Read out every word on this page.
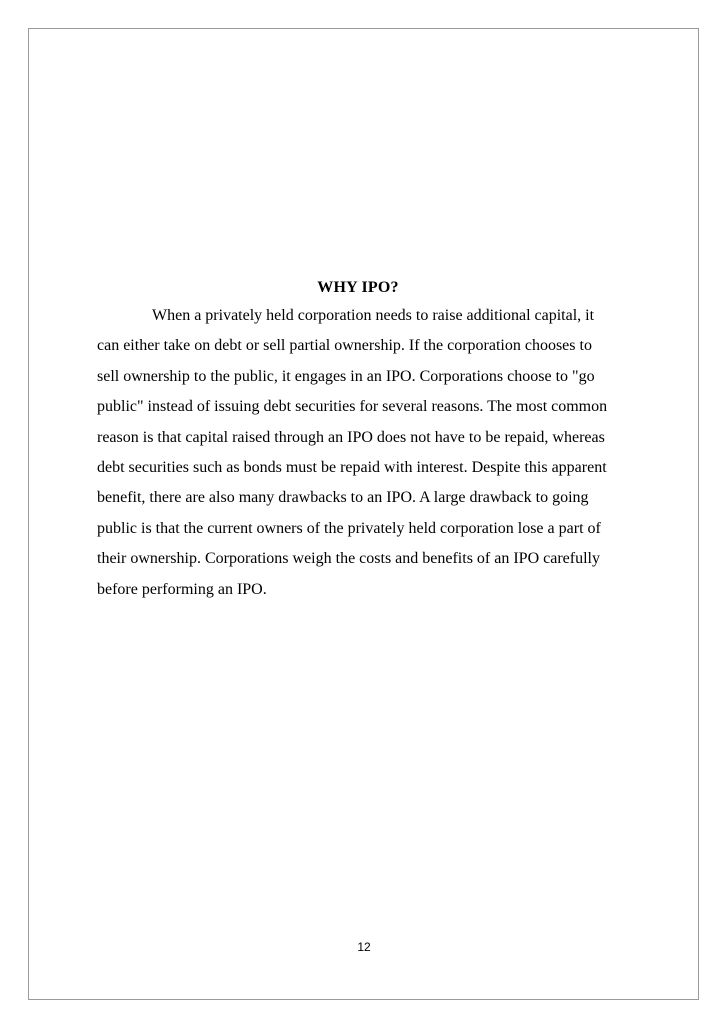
WHY IPO?

When a privately held corporation needs to raise additional capital, it
can either take on debt or sell partial ownership. If the corporation chooses to
sell ownership to the public, it engages in an IPO. Corporations choose to "go
public" instead of issuing debt securities for several reasons. The most common
reason is that capital raised through an IPO does not have to be repaid, whereas
debt securities such as bonds must be repaid with interest. Despite this apparent
benefit, there are also many drawbacks to an IPO. A large drawback to going
public is that the current owners of the privately held corporation lose a part of
their ownership. Corporations weigh the costs and benefits of an IPO carefully
before performing an IPO.

12
